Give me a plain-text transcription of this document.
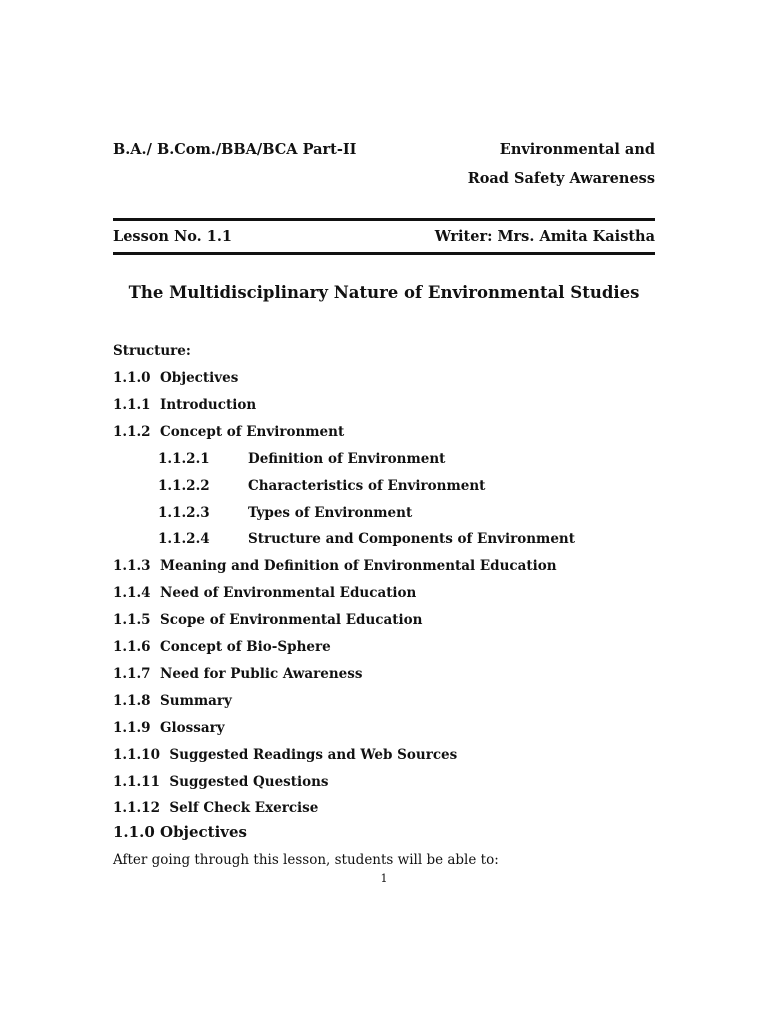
B.A./ B.Com./BBA/BCA Part-II	Environmental and
Road Safety Awareness
Lesson No. 1.1	Writer: Mrs. Amita Kaistha
The Multidisciplinary Nature of Environmental Studies
Structure:
1.1.0 Objectives
1.1.1 Introduction
1.1.2 Concept of Environment
1.1.2.1	Definition of Environment
1.1.2.2	Characteristics of Environment
1.1.2.3	Types of Environment
1.1.2.4	Structure and Components of Environment
1.1.3 Meaning and Definition of Environmental Education
1.1.4 Need of Environmental Education
1.1.5 Scope of Environmental Education
1.1.6 Concept of Bio-Sphere
1.1.7 Need for Public Awareness
1.1.8 Summary
1.1.9 Glossary
1.1.10 Suggested Readings and Web Sources
1.1.11 Suggested Questions
1.1.12 Self Check Exercise
1.1.0 Objectives
After going through this lesson, students will be able to:
1
